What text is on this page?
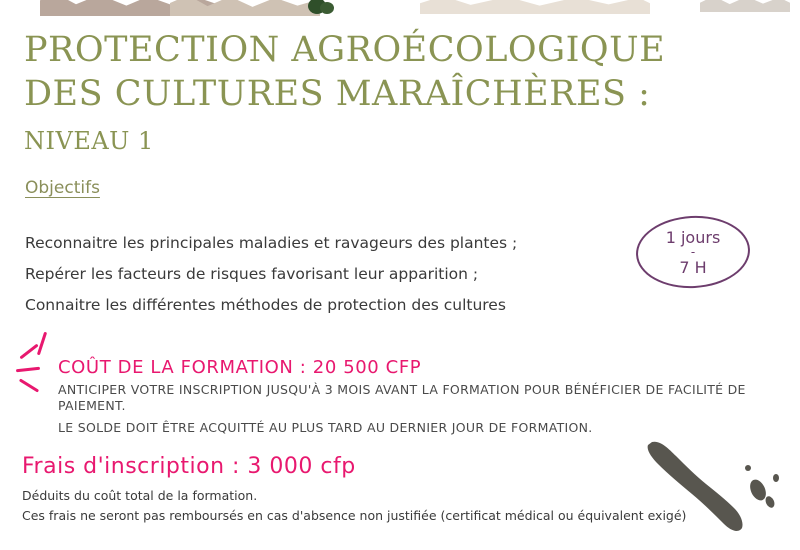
PROTECTION AGROÉCOLOGIQUE
DES CULTURES MARAÎCHÈRES :
NIVEAU 1
Objectifs
Reconnaitre les principales maladies et ravageurs des plantes ;
Repérer les facteurs de risques favorisant leur apparition ;
Connaitre les différentes méthodes de protection des cultures
1 jours
-
7 H
COÛT DE LA FORMATION : 20 500 CFP
ANTICIPER VOTRE INSCRIPTION JUSQU'À 3 MOIS AVANT LA FORMATION POUR BÉNÉFICIER DE FACILITÉ DE PAIEMENT.
LE SOLDE DOIT ÊTRE ACQUITTÉ AU PLUS TARD AU DERNIER JOUR DE FORMATION.
Frais d'inscription : 3 000 cfp
Déduits du coût total de la formation.
Ces frais ne seront pas remboursés en cas d'absence non justifiée (certificat médical ou équivalent exigé)
